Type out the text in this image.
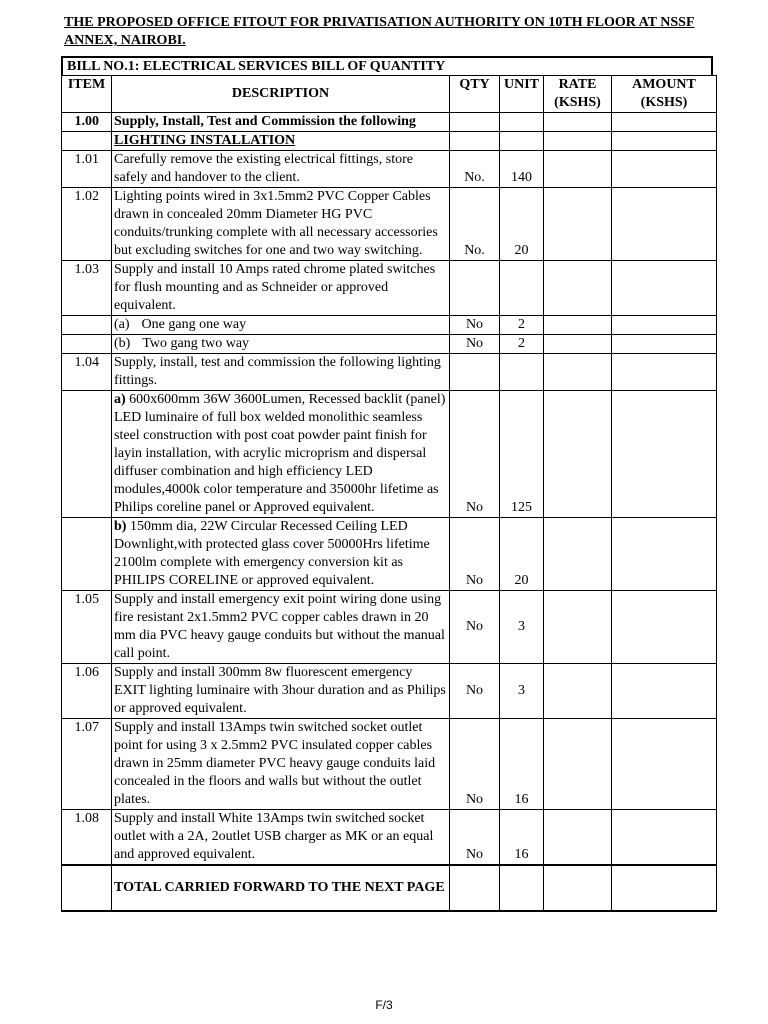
THE PROPOSED OFFICE FITOUT FOR PRIVATISATION AUTHORITY ON 10TH FLOOR AT NSSF ANNEX, NAIROBI.
BILL NO.1: ELECTRICAL SERVICES BILL OF QUANTITY
ITEM	DESCRIPTION	QTY	UNIT	RATE (KSHS)	AMOUNT (KSHS)
1.00	Supply, Install, Test and Commission the following				
	LIGHTING INSTALLATION				
1.01	Carefully remove the existing electrical fittings, store safely and handover to the client.	No.	140		
1.02	Lighting points wired in 3x1.5mm2 PVC Copper Cables drawn in concealed 20mm Diameter HG PVC conduits/trunking complete with all necessary accessories but excluding switches for one and two way switching.	No.	20		
1.03	Supply and install 10 Amps rated chrome plated switches for flush mounting and as Schneider or approved equivalent.				
	(a) One gang one way	No	2		
	(b) Two gang two way	No	2		
1.04	Supply, install, test and commission the following lighting fittings.				
	a) 600x600mm 36W 3600Lumen, Recessed backlit (panel) LED luminaire of full box welded monolithic seamless steel construction with post coat powder paint finish for layin installation, with acrylic microprism and dispersal diffuser combination and high efficiency LED modules,4000k color temperature and 35000hr lifetime as Philips coreline panel or Approved equivalent.	No	125		
	b) 150mm dia, 22W Circular Recessed Ceiling LED Downlight,with protected glass cover 50000Hrs lifetime 2100lm complete with emergency conversion kit as PHILIPS CORELINE or approved equivalent.	No	20		
1.05	Supply and install emergency exit point wiring done using fire resistant 2x1.5mm2 PVC copper cables drawn in 20 mm dia PVC heavy gauge conduits but without the manual call point.	No	3		
1.06	Supply and install 300mm 8w fluorescent emergency EXIT lighting luminaire with 3hour duration and as Philips or approved equivalent.	No	3		
1.07	Supply and install 13Amps twin switched socket outlet point for using 3 x 2.5mm2 PVC insulated copper cables drawn in 25mm diameter PVC heavy gauge conduits laid concealed in the floors and walls but without the outlet plates.	No	16		
1.08	Supply and install White 13Amps twin switched socket outlet with a 2A, 2outlet USB charger as MK or an equal and approved equivalent.	No	16		
	TOTAL CARRIED FORWARD TO THE NEXT PAGE				
F/3
